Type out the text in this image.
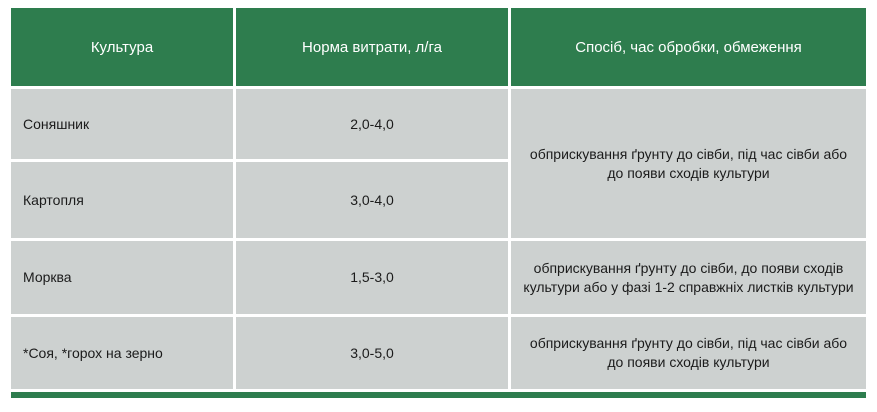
Культура	Норма витрати, л/га	Спосіб, час обробки, обмеження
Соняшник	2,0-4,0	обприскування ґрунту до сівби, під час сівби або до появи сходів культури
Картопля	3,0-4,0	
Морква	1,5-3,0	обприскування ґрунту до сівби, до появи сходів культури або у фазі 1-2 справжніх листків культури
*Соя, *горох на зерно	3,0-5,0	обприскування ґрунту до сівби, під час сівби або до появи сходів культури
